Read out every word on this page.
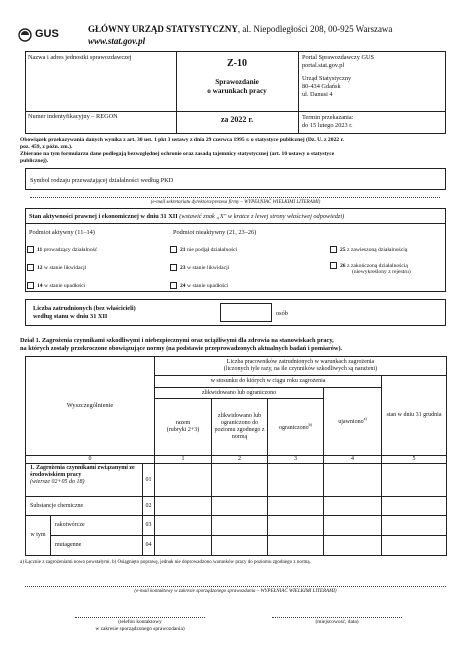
GUS	GŁÓWNY URZĄD STATYSTYCZNY, al. Niepodległości 208, 00-925 Warszawa
www.stat.gov.pl
Nazwa i adres jednostki sprawozdawczej
Numer indentyfikacyjny – REGON
Z-10
Sprawozdanie
o warunkach pracy
za 2022 r.
Portal Sprawozdawczy GUS
portal.stat.gov.pl
Urząd Statystyczny
80-434 Gdańsk
ul. Danusi 4
Termin przekazania:
do 15 lutego 2023 r.
Obowiązek przekazywania danych wynika z art. 30 ust. 1 pkt 3 ustawy z dnia 29 czerwca 1995 r. o statystyce publicznej (Dz. U. z 2022 r.
poz. 459, z późn. zm.).
Zbierane na tym formularzu dane podlegają bezwzględnej ochronie oraz zasadą tajemnicy statystycznej (art. 10 ustawy o statystyce
publicznej).
Symbol rodzaju przeważającej działalności według PKD
(e-mail sekretariatu dyrektora/prezesa firmy – WYPEŁNIAĆ WIELKIMI LITERAMI)
Stan aktywności prawnej i ekonomicznej w dniu 31 XII (wstawić znak „X" w kratce z lewej strony właściwej odpowiedzi)
Podmiot aktywny (11–14)	Podmiot nieaktywny (21, 23–26)
11 prowadzący działalność
12 w stanie likwidacji
14 w stanie upadłości
21 nie podjął działalności
23 w stanie likwidacji
24 w stanie upadłości
25 z zawieszoną działalnością
26 z zakończoną działalnością
(niewykreślony z rejestru)
Liczba zatrudnionych (bez właścicieli)
według stanu w dniu 31 XII	osób
Dział 1. Zagrożenia czynnikami szkodliwymi i niebezpiecznymi oraz uciążliwymi dla zdrowia na stanowiskach pracy,
na których zostały przekroczone obowiązujące normy (na podstawie przeprowadzonych aktualnych badań i pomiarów).
Wyszczególnienie
Liczba pracowników zatrudnionych w warunkach zagrożenia
(liczonych tyle razy, na ile czynników szkodliwych są narażeni)
w stosunku do których w ciągu roku zagrożenia
zlikwidowano lub ograniczono
razem
(rubryki 2+3)
zlikwidowano lub ograniczono do poziomu zgodnego z normą
ograniczono$^{b)}$	ujawniono$^{a)}$
stan w dniu 31 grudnia
0	1	2	3	4	5
1. Zagrożenia czynnikami związanymi ze środowiskiem pracy
(wiersze 02+05 do 18)	01
Substancje chemiczne	02
w tym
rakotwórcze	03
mutagenne	04
a) Łącznie z zagrożeniami nowo powstałymi. b) Osiągnięto poprawę, jednak nie doprowadzono warunków pracy do poziomu zgodnego z normą.
(e-mail kontaktowy w zakresie sporządzonego sprawozdania – WYPEŁNIAĆ WIELKIMI LITERAMI)
(telefon kontaktowy
w zakresie sporządzonego sprawozdania)
(miejscowość, data)
